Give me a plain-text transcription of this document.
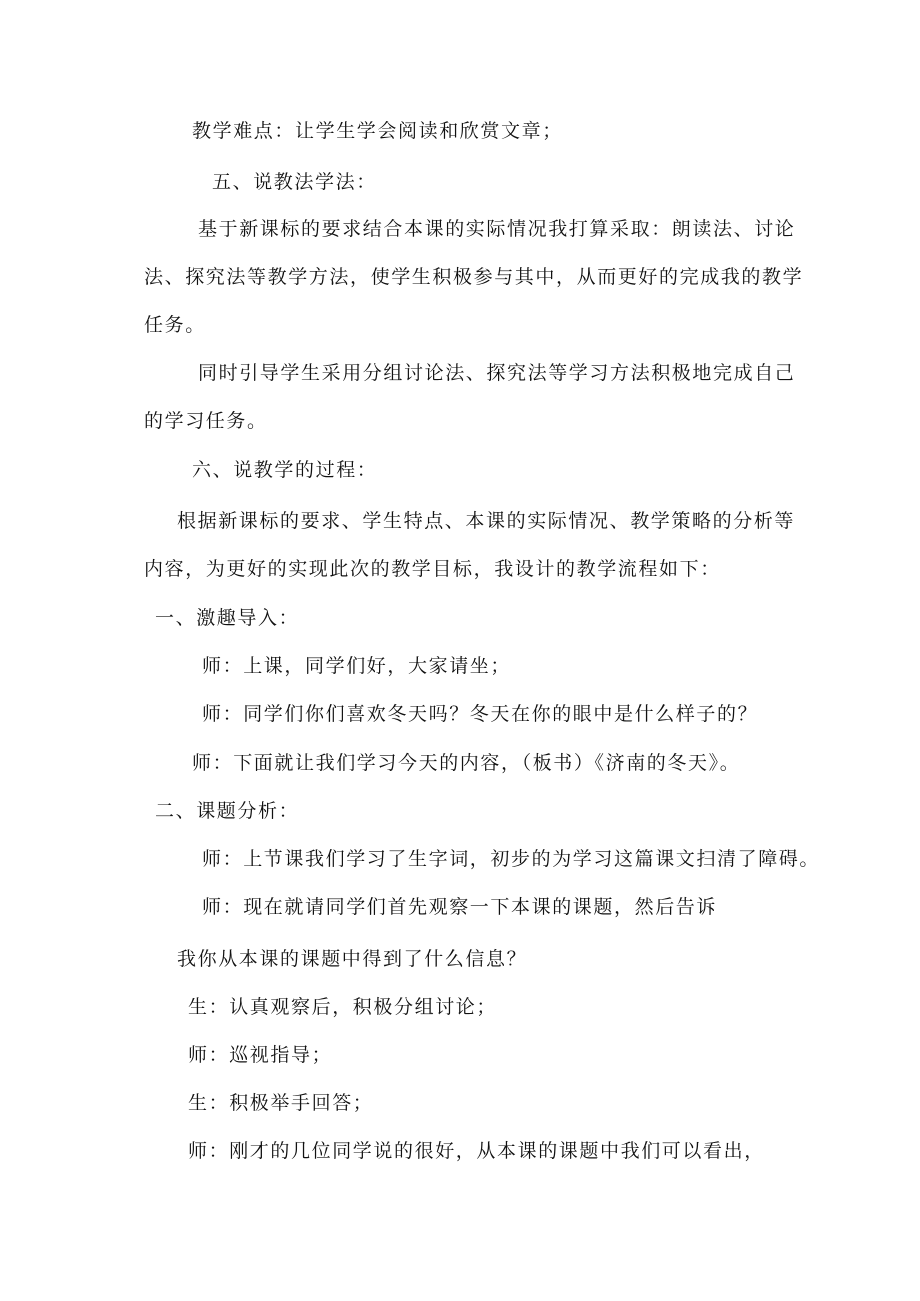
教学难点：让学生学会阅读和欣赏文章；
五、说教法学法：
基于新课标的要求结合本课的实际情况我打算采取：朗读法、讨论
法、探究法等教学方法，使学生积极参与其中，从而更好的完成我的教学
任务。
同时引导学生采用分组讨论法、探究法等学习方法积极地完成自己
的学习任务。
六、说教学的过程：
根据新课标的要求、学生特点、本课的实际情况、教学策略的分析等
内容，为更好的实现此次的教学目标，我设计的教学流程如下：
一、激趣导入：
师：上课，同学们好，大家请坐；
师：同学们你们喜欢冬天吗？冬天在你的眼中是什么样子的？
师：下面就让我们学习今天的内容，（板书）《济南的冬天》。
二、课题分析：
师：上节课我们学习了生字词，初步的为学习这篇课文扫清了障碍。
师：现在就请同学们首先观察一下本课的课题，然后告诉
我你从本课的课题中得到了什么信息？
生：认真观察后，积极分组讨论；
师：巡视指导；
生：积极举手回答；
师：刚才的几位同学说的很好，从本课的课题中我们可以看出，
